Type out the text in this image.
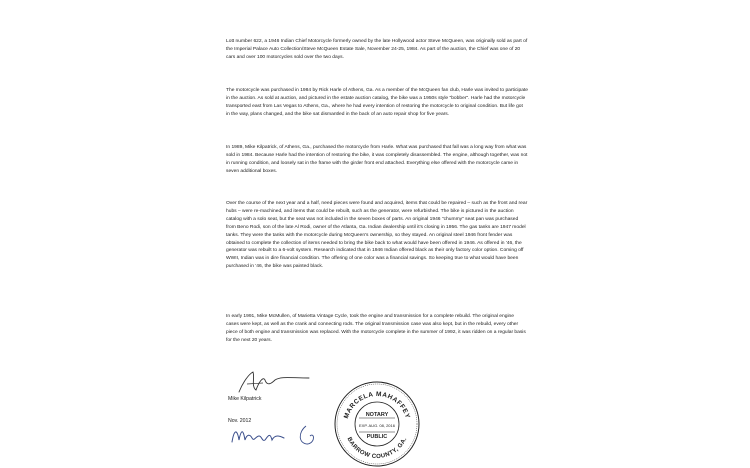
Lott number 622, a 1946 Indian Chief Motorcycle formerly owned by the late Hollywood actor Steve McQueen, was originally sold as part of the Imperial Palace Auto Collection/Steve McQueen Estate Sale, November 24-25, 1984. As part of the auction, the Chief was one of 20 cars and over 100 motorcycles sold over the two days.

The motorcycle was purchased in 1984 by Rick Harle of Athens, Ga. As a member of the McQueen fan club, Harle was invited to participate in the auction. As sold at auction, and pictured in the estate auction catalog, the bike was a 1950s style "bobber". Harle had the motorcycle transported east from Las Vegas to Athens, Ga., where he had every intention of restoring the motorcycle to original condition. But life got in the way, plans changed, and the bike sat dismantled in the back of an auto repair shop for five years.

In 1989, Mike Kilpatrick, of Athens, Ga., purchased the motorcycle from Harle. What was purchased that fall was a long way from what was sold in 1984. Because Harle had the intention of restoring the bike, it was completely disassembled. The engine, although together, was not in running condition, and loosely sat in the frame with the girder front end attached. Everything else offered with the motorcycle came in seven additional boxes.

Over the course of the next year and a half, need pieces were found and acquired, items that could be repaired – such as the front and rear hubs – were re-machined, and items that could be rebuilt, such as the generator, were refurbished. The bike is pictured in the auction catalog with a solo seat, but the seat was not included in the seven boxes of parts. An original 1946 "chummy" seat pan was purchased from Beno Rodi, son of the late Al Rodi, owner of the Atlanta, Ga. Indian dealership until it's closing in 1956. The gas tanks are 1947 model tanks. They were the tanks with the motorcycle during McQueen's ownership, so they stayed. An original steel 1946 front fender was obtained to complete the collection of items needed to bring the bike back to what would have been offered in 1946. As offered in '46, the generator was rebuilt to a 6-volt system. Research indicated that in 1946 Indian offered black as their only factory color option. Coming off WWII, Indian was in dire financial condition. The offering of one color was a financial savings. So keeping true to what would have been purchased in '46, the bike was painted black.

In early 1991, Mike McMullen, of Marietta Vintage Cycle, took the engine and transmission for a complete rebuild. The original engine cases were kept, as well as the crank and connecting rods. The original transmission case was also kept, but in the rebuild, every other piece of both engine and transmission was replaced. With the motorcycle complete in the summer of 1992, it was ridden on a regular basis for the next 20 years.

Mike Kilpatrick
Nov. 2012
MARCELA MAHAFFEY
BARROW COUNTY, GA.
NOTARY
EXP. AUG. 08, 2016
PUBLIC
